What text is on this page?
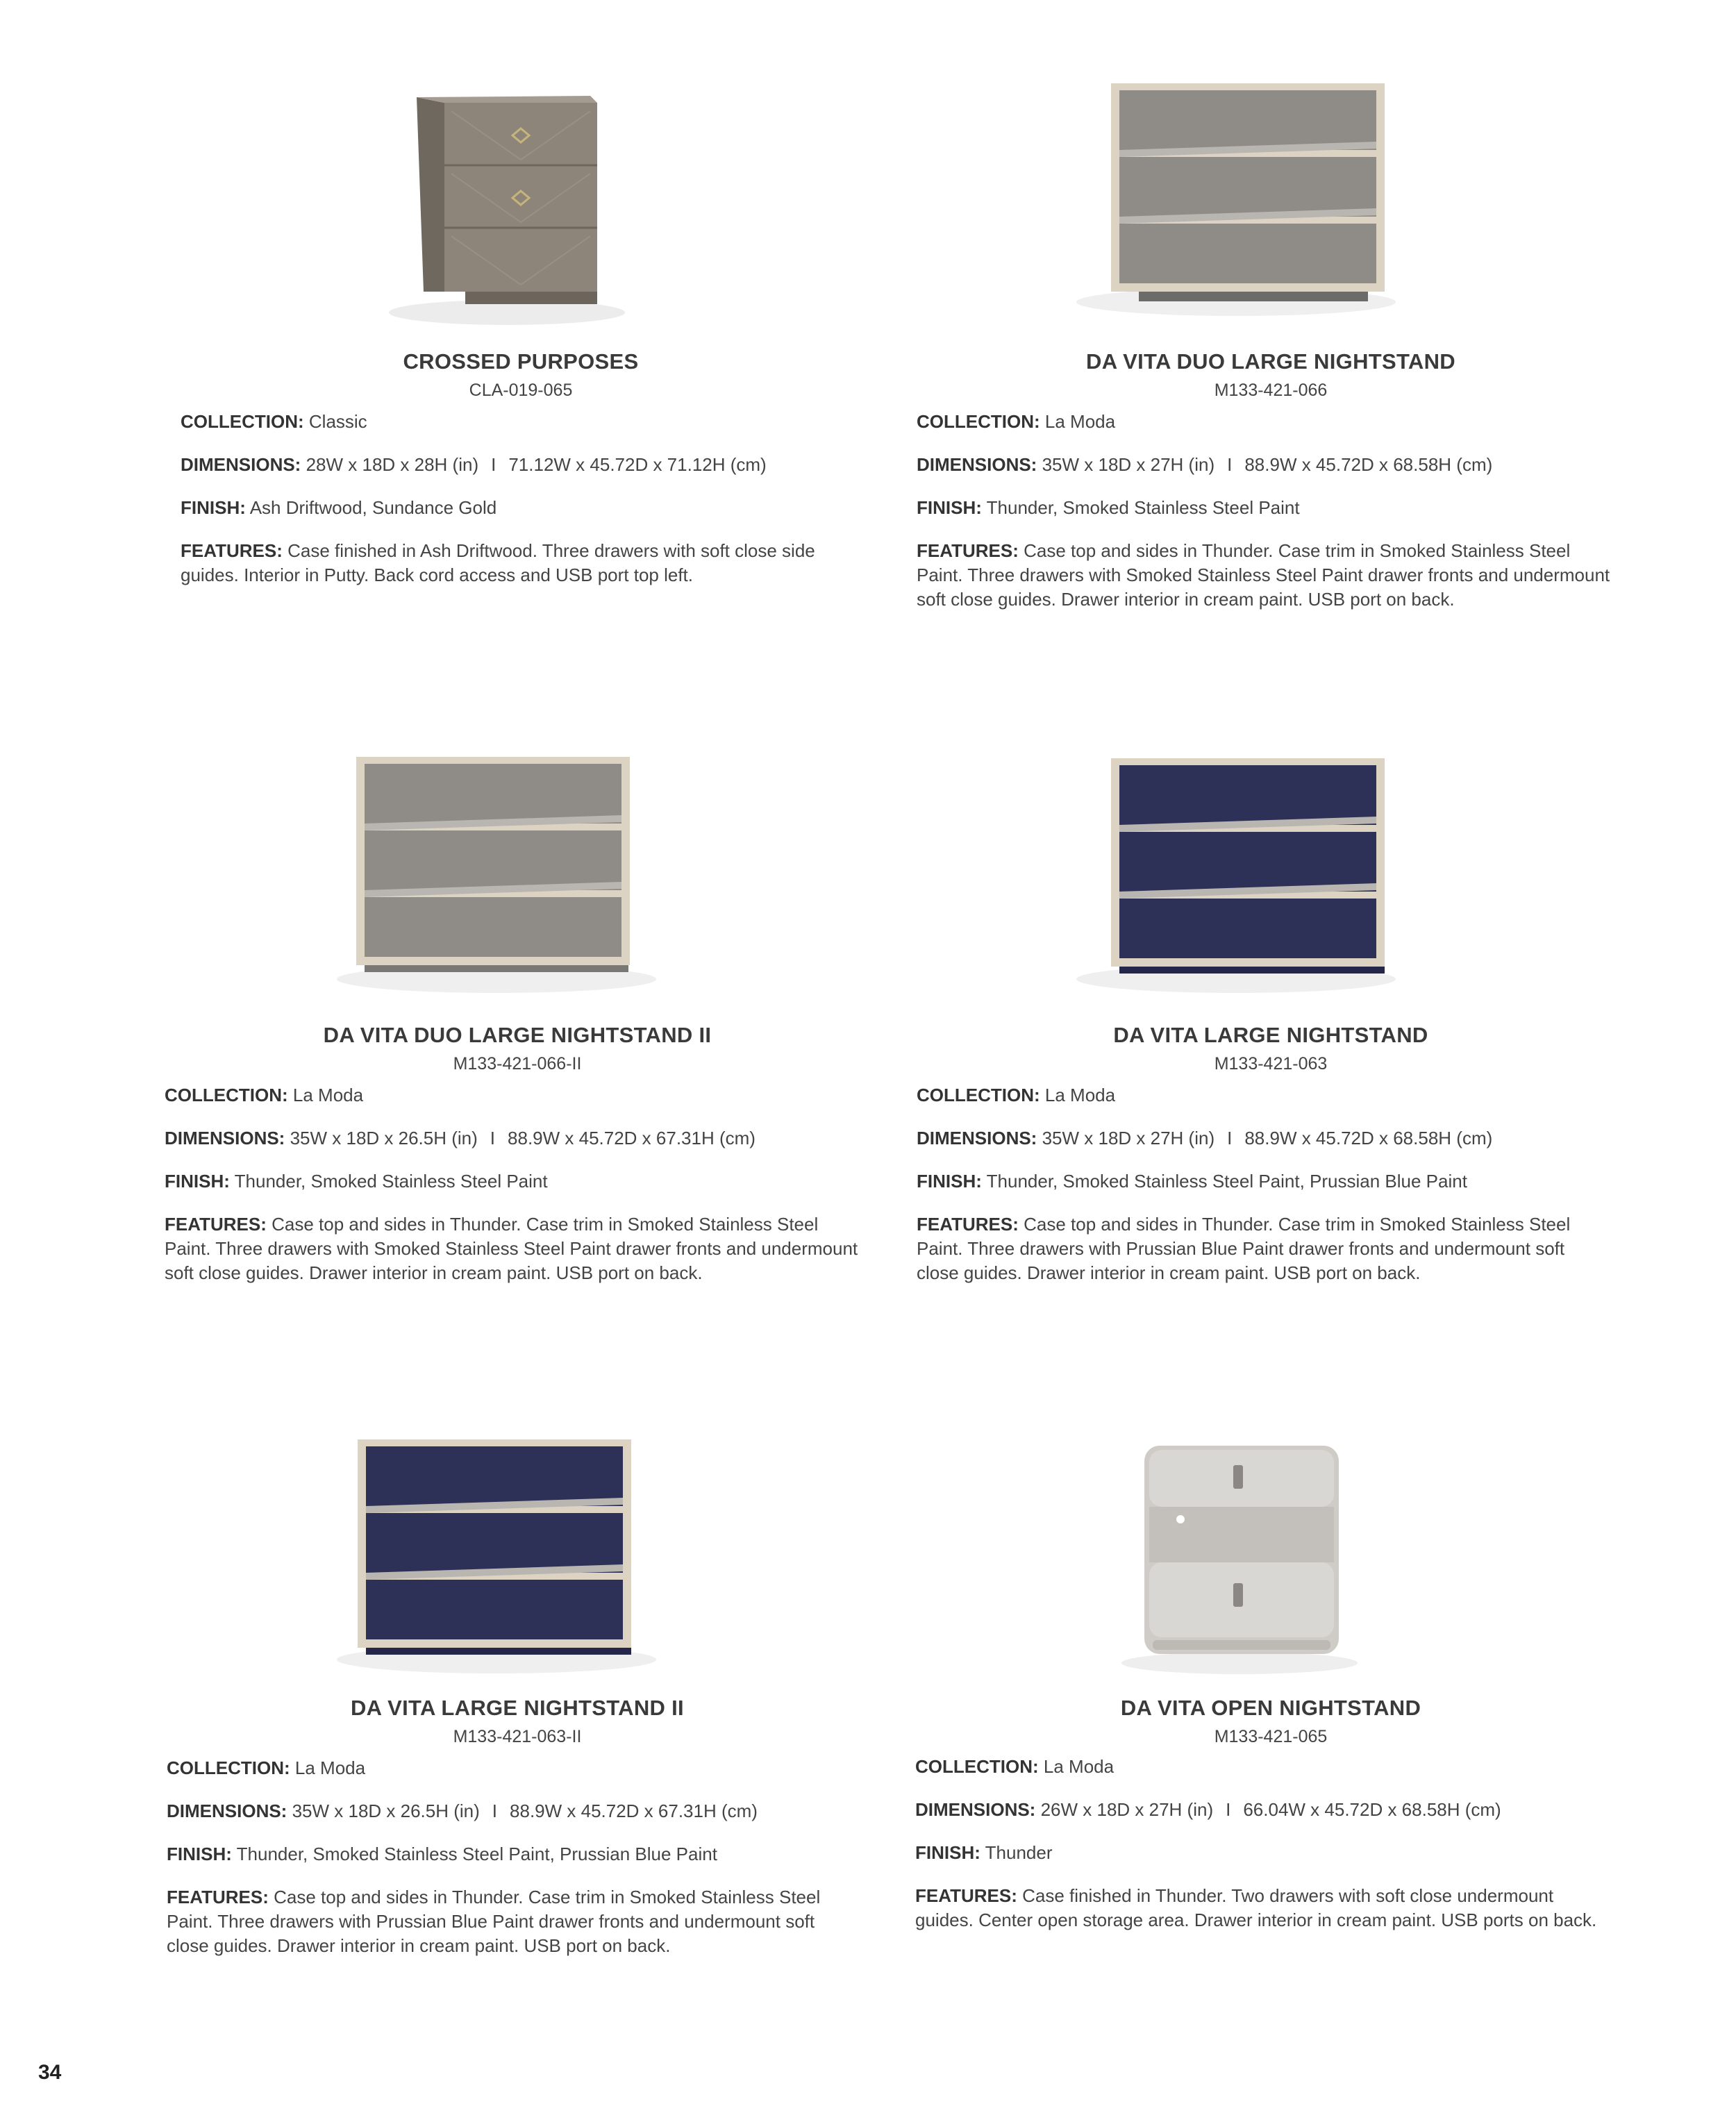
CROSSED PURPOSES
CLA-019-065
COLLECTION: Classic
DIMENSIONS: 28W x 18D x 28H (in) I 71.12W x 45.72D x 71.12H (cm)
FINISH: Ash Driftwood, Sundance Gold
FEATURES: Case finished in Ash Driftwood. Three drawers with soft close side guides. Interior in Putty. Back cord access and USB port top left.
DA VITA DUO LARGE NIGHTSTAND
M133-421-066
COLLECTION: La Moda
DIMENSIONS: 35W x 18D x 27H (in) I 88.9W x 45.72D x 68.58H (cm)
FINISH: Thunder, Smoked Stainless Steel Paint
FEATURES: Case top and sides in Thunder. Case trim in Smoked Stainless Steel Paint. Three drawers with Smoked Stainless Steel Paint drawer fronts and undermount soft close guides. Drawer interior in cream paint. USB port on back.
DA VITA DUO LARGE NIGHTSTAND II
M133-421-066-II
COLLECTION: La Moda
DIMENSIONS: 35W x 18D x 26.5H (in) I 88.9W x 45.72D x 67.31H (cm)
FINISH: Thunder, Smoked Stainless Steel Paint
FEATURES: Case top and sides in Thunder. Case trim in Smoked Stainless Steel Paint. Three drawers with Smoked Stainless Steel Paint drawer fronts and undermount soft close guides. Drawer interior in cream paint. USB port on back.
DA VITA LARGE NIGHTSTAND
M133-421-063
COLLECTION: La Moda
DIMENSIONS: 35W x 18D x 27H (in) I 88.9W x 45.72D x 68.58H (cm)
FINISH: Thunder, Smoked Stainless Steel Paint, Prussian Blue Paint
FEATURES: Case top and sides in Thunder. Case trim in Smoked Stainless Steel Paint. Three drawers with Prussian Blue Paint drawer fronts and undermount soft close guides. Drawer interior in cream paint. USB port on back.
DA VITA LARGE NIGHTSTAND II
M133-421-063-II
COLLECTION: La Moda
DIMENSIONS: 35W x 18D x 26.5H (in) I 88.9W x 45.72D x 67.31H (cm)
FINISH: Thunder, Smoked Stainless Steel Paint, Prussian Blue Paint
FEATURES: Case top and sides in Thunder. Case trim in Smoked Stainless Steel Paint. Three drawers with Prussian Blue Paint drawer fronts and undermount soft close guides. Drawer interior in cream paint. USB port on back.
DA VITA OPEN NIGHTSTAND
M133-421-065
COLLECTION: La Moda
DIMENSIONS: 26W x 18D x 27H (in) I 66.04W x 45.72D x 68.58H (cm)
FINISH: Thunder
FEATURES: Case finished in Thunder. Two drawers with soft close undermount guides. Center open storage area. Drawer interior in cream paint. USB ports on back.
34
